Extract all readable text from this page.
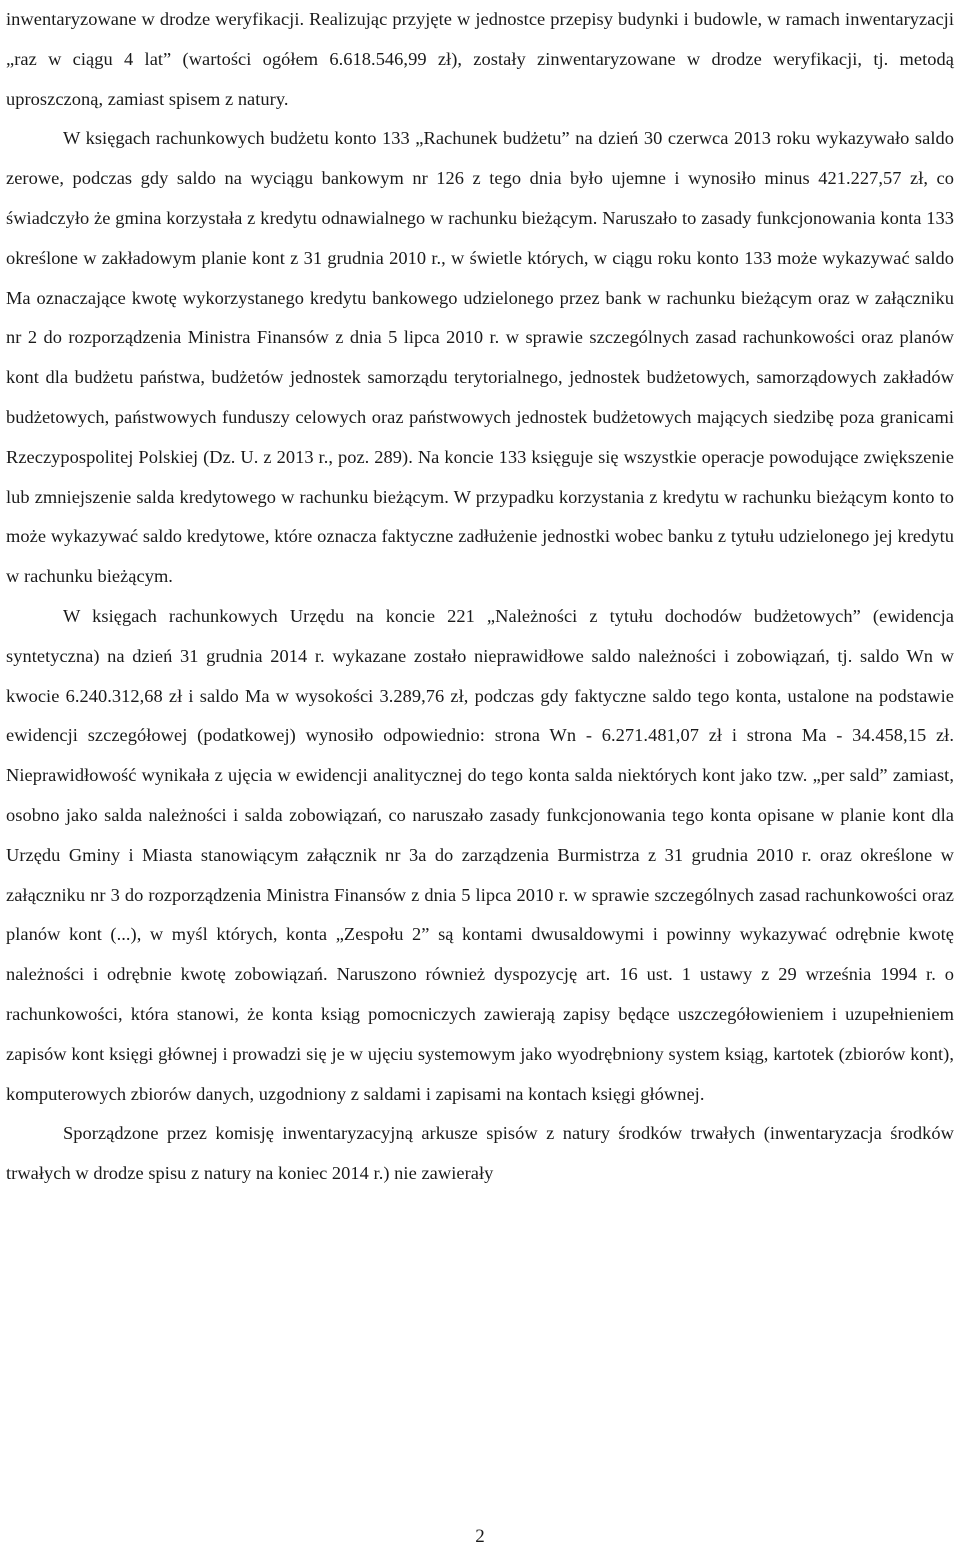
inwentaryzowane w drodze weryfikacji. Realizując przyjęte w jednostce przepisy budynki i budowle, w ramach inwentaryzacji „raz w ciągu 4 lat” (wartości ogółem 6.618.546,99 zł), zostały zinwentaryzowane w drodze weryfikacji, tj. metodą uproszczoną, zamiast spisem z natury.

W księgach rachunkowych budżetu konto 133 „Rachunek budżetu” na dzień 30 czerwca 2013 roku wykazywało saldo zerowe, podczas gdy saldo na wyciągu bankowym nr 126 z tego dnia było ujemne i wynosiło minus 421.227,57 zł, co świadczyło że gmina korzystała z kredytu odnawialnego w rachunku bieżącym. Naruszało to zasady funkcjonowania konta 133 określone w zakładowym planie kont z 31 grudnia 2010 r., w świetle których, w ciągu roku konto 133 może wykazywać saldo Ma oznaczające kwotę wykorzystanego kredytu bankowego udzielonego przez bank w rachunku bieżącym oraz w załączniku nr 2 do rozporządzenia Ministra Finansów z dnia 5 lipca 2010 r. w sprawie szczególnych zasad rachunkowości oraz planów kont dla budżetu państwa, budżetów jednostek samorządu terytorialnego, jednostek budżetowych, samorządowych zakładów budżetowych, państwowych funduszy celowych oraz państwowych jednostek budżetowych mających siedzibę poza granicami Rzeczypospolitej Polskiej (Dz. U. z 2013 r., poz. 289). Na koncie 133 księguje się wszystkie operacje powodujące zwiększenie lub zmniejszenie salda kredytowego w rachunku bieżącym. W przypadku korzystania z kredytu w rachunku bieżącym konto to może wykazywać saldo kredytowe, które oznacza faktyczne zadłużenie jednostki wobec banku z tytułu udzielonego jej kredytu w rachunku bieżącym.

W księgach rachunkowych Urzędu na koncie 221 „Należności z tytułu dochodów budżetowych” (ewidencja syntetyczna) na dzień 31 grudnia 2014 r. wykazane zostało nieprawidłowe saldo należności i zobowiązań, tj. saldo Wn w kwocie 6.240.312,68 zł i saldo Ma w wysokości 3.289,76 zł, podczas gdy faktyczne saldo tego konta, ustalone na podstawie ewidencji szczegółowej (podatkowej) wynosiło odpowiednio: strona Wn - 6.271.481,07 zł i strona Ma - 34.458,15 zł. Nieprawidłowość wynikała z ujęcia w ewidencji analitycznej do tego konta salda niektórych kont jako tzw. „per sald” zamiast, osobno jako salda należności i salda zobowiązań, co naruszało zasady funkcjonowania tego konta opisane w planie kont dla Urzędu Gminy i Miasta stanowiącym załącznik nr 3a do zarządzenia Burmistrza z 31 grudnia 2010 r. oraz określone w załączniku nr 3 do rozporządzenia Ministra Finansów z dnia 5 lipca 2010 r. w sprawie szczególnych zasad rachunkowości oraz planów kont (...), w myśl których, konta „Zespołu 2” są kontami dwusaldowymi i powinny wykazywać odrębnie kwotę należności i odrębnie kwotę zobowiązań. Naruszono również dyspozycję art. 16 ust. 1 ustawy z 29 września 1994 r. o rachunkowości, która stanowi, że konta ksiąg pomocniczych zawierają zapisy będące uszczegółowieniem i uzupełnieniem zapisów kont księgi głównej i prowadzi się je w ujęciu systemowym jako wyodrębniony system ksiąg, kartotek (zbiorów kont), komputerowych zbiorów danych, uzgodniony z saldami i zapisami na kontach księgi głównej.

Sporządzone przez komisję inwentaryzacyjną arkusze spisów z natury środków trwałych (inwentaryzacja środków trwałych w drodze spisu z natury na koniec 2014 r.) nie zawierały

2
